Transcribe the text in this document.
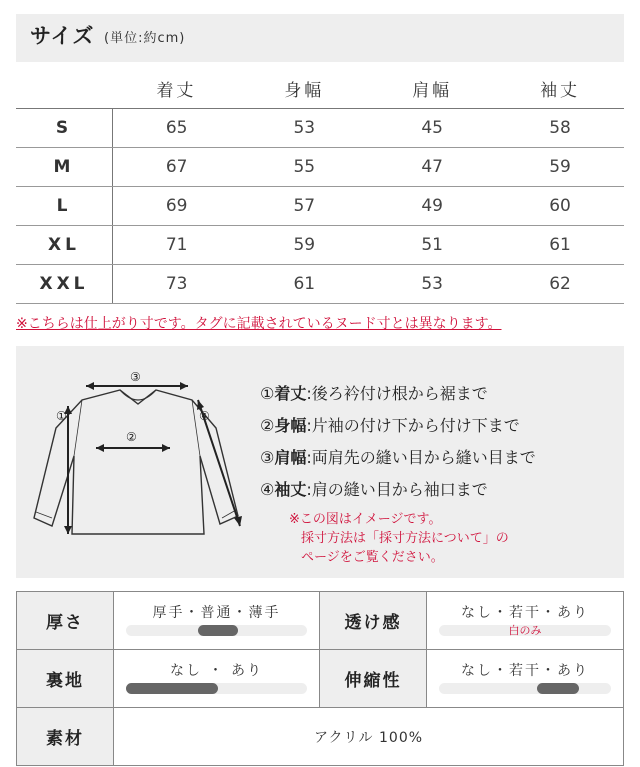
サイズ (単位:約cm)
	着丈	身幅	肩幅	袖丈
S	65	53	45	58
M	67	55	47	59
L	69	57	49	60
XL	71	59	51	61
XXL	73	61	53	62
※こちらは仕上がり寸です。タグに記載されているヌード寸とは異なります。
③
①
②
④
①着丈:後ろ衿付け根から裾まで
②身幅:片袖の付け下から付け下まで
③肩幅:両肩先の縫い目から縫い目まで
④袖丈:肩の縫い目から袖口まで
※この図はイメージです。
採寸方法は「採寸方法について」の
ページをご覧ください。
厚さ	厚手・普通・薄手	透け感	なし・若干・あり
白のみ

裏地	なし ・ あり	伸縮性	なし・若干・あり

素材	アクリル 100%		
